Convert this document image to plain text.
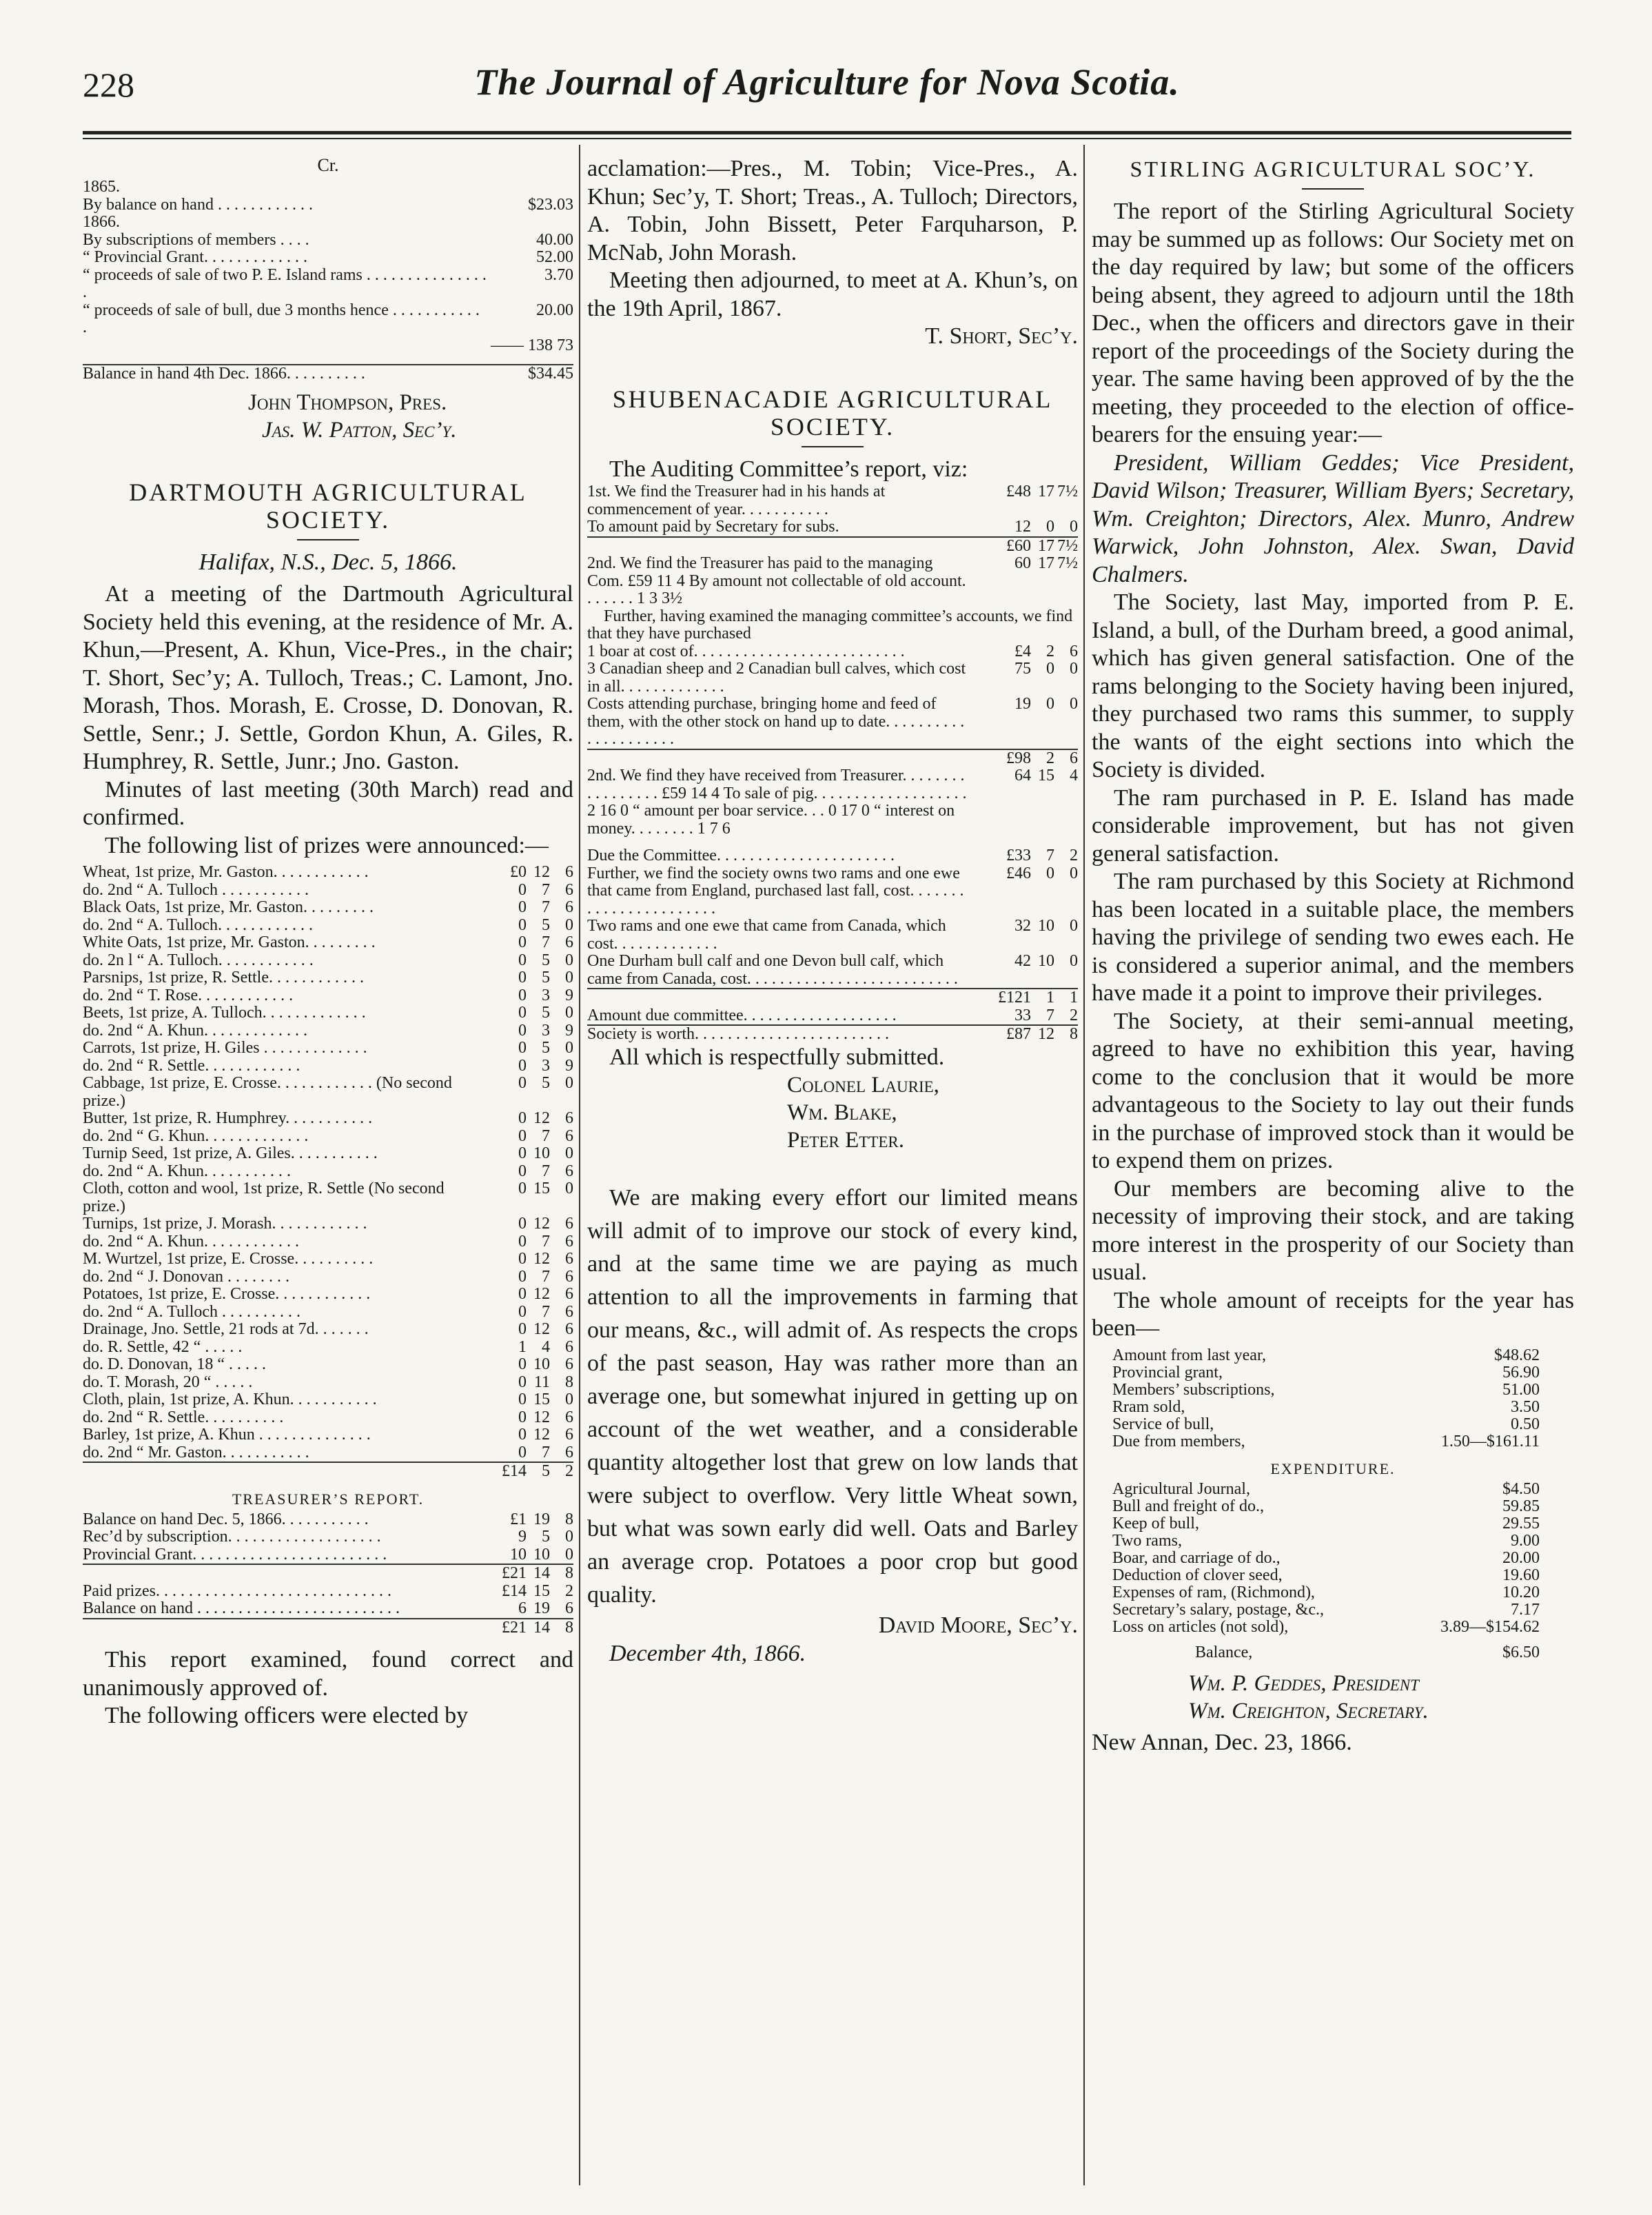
228	The Journal of Agriculture for Nova Scotia.
Cr.
1865.	
By balance on hand . . . . . . . . . . . .	$23.03
1866.	
By subscriptions of members . . . .	40.00
“ Provincial Grant. . . . . . . . . . . . .	52.00
“ proceeds of sale of two P. E. Island rams . . . . . . . . . . . . . . . .	3.70
“ proceeds of sale of bull, due 3 months hence . . . . . . . . . . . .	20.00
	—— 138 73
Balance in hand 4th Dec. 1866. . . . . . . . . .	$34.45
John Thompson, Pres.
Jas. W. Patton, Sec’y.
DARTMOUTH AGRICULTURAL SOCIETY.

Halifax, N.S., Dec. 5, 1866.

At a meeting of the Dartmouth Agricultural Society held this evening, at the residence of Mr. A. Khun,—Present, A. Khun, Vice-Pres., in the chair; T. Short, Sec’y; A. Tulloch, Treas.; C. Lamont, Jno. Morash, Thos. Morash, E. Crosse, D. Donovan, R. Settle, Senr.; J. Settle, Gordon Khun, A. Giles, R. Humphrey, R. Settle, Junr.; Jno. Gaston.

Minutes of last meeting (30th March) read and confirmed.

The following list of prizes were announced:—

Wheat, 1st prize, Mr. Gaston. . . . . . . . . . . .	£0	12	6
do. 2nd “ A. Tulloch . . . . . . . . . . .	0	7	6
Black Oats, 1st prize, Mr. Gaston. . . . . . . . .	0	7	6
do. 2nd “ A. Tulloch. . . . . . . . . . . .	0	5	0
White Oats, 1st prize, Mr. Gaston. . . . . . . . .	0	7	6
do. 2n l “ A. Tulloch. . . . . . . . . . . .	0	5	0
Parsnips, 1st prize, R. Settle. . . . . . . . . . . .	0	5	0
do. 2nd “ T. Rose. . . . . . . . . . . .	0	3	9
Beets, 1st prize, A. Tulloch. . . . . . . . . . . . .	0	5	0
do. 2nd “ A. Khun. . . . . . . . . . . . .	0	3	9
Carrots, 1st prize, H. Giles . . . . . . . . . . . . .	0	5	0
do. 2nd “ R. Settle. . . . . . . . . . . .	0	3	9
Cabbage, 1st prize, E. Crosse. . . . . . . . . . . . (No second prize.)	0	5	0
Butter, 1st prize, R. Humphrey. . . . . . . . . . .	0	12	6
do. 2nd “ G. Khun. . . . . . . . . . . . .	0	7	6
Turnip Seed, 1st prize, A. Giles. . . . . . . . . . .	0	10	0
do. 2nd “ A. Khun. . . . . . . . . . .	0	7	6
Cloth, cotton and wool, 1st prize, R. Settle (No second prize.)	0	15	0
Turnips, 1st prize, J. Morash. . . . . . . . . . . .	0	12	6
do. 2nd “ A. Khun. . . . . . . . . . . .	0	7	6
M. Wurtzel, 1st prize, E. Crosse. . . . . . . . . .	0	12	6
do. 2nd “ J. Donovan . . . . . . . .	0	7	6
Potatoes, 1st prize, E. Crosse. . . . . . . . . . . .	0	12	6
do. 2nd “ A. Tulloch . . . . . . . . . .	0	7	6
Drainage, Jno. Settle, 21 rods at 7d. . . . . . .	0	12	6
do. R. Settle, 42 “ . . . . .	1	4	6
do. D. Donovan, 18 “ . . . . .	0	10	6
do. T. Morash, 20 “ . . . . .	0	11	8
Cloth, plain, 1st prize, A. Khun. . . . . . . . . . .	0	15	0
do. 2nd “ R. Settle. . . . . . . . . .	0	12	6
Barley, 1st prize, A. Khun . . . . . . . . . . . . . .	0	12	6
do. 2nd “ Mr. Gaston. . . . . . . . . . .	0	7	6
	£14	5	2
TREASURER’S REPORT.
Balance on hand Dec. 5, 1866. . . . . . . . . . .	£1	19	8
Rec’d by subscription. . . . . . . . . . . . . . . . . . .	9	5	0
Provincial Grant. . . . . . . . . . . . . . . . . . . . . . . .	10	10	0
	£21	14	8
Paid prizes. . . . . . . . . . . . . . . . . . . . . . . . . . . . .	£14	15	2
Balance on hand . . . . . . . . . . . . . . . . . . . . . . . . .	6	19	6
	£21	14	8

This report examined, found correct and unanimously approved of.

The following officers were elected by

acclamation:—Pres., M. Tobin; Vice-Pres., A. Khun; Sec’y, T. Short; Treas., A. Tulloch; Directors, A. Tobin, John Bissett, Peter Farquharson, P. McNab, John Morash.

Meeting then adjourned, to meet at A. Khun’s, on the 19th April, 1867.

T. Short, Sec’y.

SHUBENACADIE AGRICULTURAL SOCIETY.

The Auditing Committee’s report, viz:

1st. We find the Treasurer had in his hands at commencement of year. . . . . . . . . . .	£48	17	7½
To amount paid by Secretary for subs.	12	0	0
	£60	17	7½
2nd. We find the Treasurer has paid to the managing Com. £59 11 4 By amount not collectable of old account. . . . . . . 1 3 3½	60	17	7½
Further, having examined the managing committee’s accounts, we find that they have purchased
1 boar at cost of. . . . . . . . . . . . . . . . . . . . . . . . . .	£4	2	6
3 Canadian sheep and 2 Canadian bull calves, which cost in all. . . . . . . . . . . . .	75	0	0
Costs attending purchase, bringing home and feed of them, with the other stock on hand up to date. . . . . . . . . . . . . . . . . . . . .	19	0	0
	£98	2	6
2nd. We find they have received from Treasurer. . . . . . . . . . . . . . . . . £59 14 4 To sale of pig. . . . . . . . . . . . . . . . . . . 2 16 0 “ amount per boar service. . . 0 17 0 “ interest on money. . . . . . . . 1 7 6	64	15	4
Due the Committee. . . . . . . . . . . . . . . . . . . . . .	£33	7	2
Further, we find the society owns two rams and one ewe that came from England, purchased last fall, cost. . . . . . . . . . . . . . . . . . . . . . .	£46	0	0
Two rams and one ewe that came from Canada, which cost. . . . . . . . . . . . .	32	10	0
One Durham bull calf and one Devon bull calf, which came from Canada, cost. . . . . . . . . . . . . . . . . . . . . . . . . .	42	10	0
	£121	1	1
Amount due committee. . . . . . . . . . . . . . . . . . .	33	7	2
Society is worth. . . . . . . . . . . . . . . . . . . . . . . .	£87	12	8

All which is respectfully submitted.

Colonel Laurie,
Wm. Blake,
Peter Etter.

We are making every effort our limited means will admit of to improve our stock of every kind, and at the same time we are paying as much attention to all the improvements in farming that our means, &c., will admit of. As respects the crops of the past season, Hay was rather more than an average one, but somewhat injured in getting up on account of the wet weather, and a considerable quantity altogether lost that grew on low lands that were subject to overflow. Very little Wheat sown, but what was sown early did well. Oats and Barley an average crop. Potatoes a poor crop but good quality.

David Moore, Sec’y.

December 4th, 1866.

STIRLING AGRICULTURAL SOC’Y.

The report of the Stirling Agricultural Society may be summed up as follows: Our Society met on the day required by law; but some of the officers being absent, they agreed to adjourn until the 18th Dec., when the officers and directors gave in their report of the proceedings of the Society during the year. The same having been approved of by the the meeting, they proceeded to the election of office-bearers for the ensuing year:—

President, William Geddes; Vice President, David Wilson; Treasurer, William Byers; Secretary, Wm. Creighton; Directors, Alex. Munro, Andrew Warwick, John Johnston, Alex. Swan, David Chalmers.

The Society, last May, imported from P. E. Island, a bull, of the Durham breed, a good animal, which has given general satisfaction. One of the rams belonging to the Society having been injured, they purchased two rams this summer, to supply the wants of the eight sections into which the Society is divided.

The ram purchased in P. E. Island has made considerable improvement, but has not given general satisfaction.

The ram purchased by this Society at Richmond has been located in a suitable place, the members having the privilege of sending two ewes each. He is considered a superior animal, and the members have made it a point to improve their privileges.

The Society, at their semi-annual meeting, agreed to have no exhibition this year, having come to the conclusion that it would be more advantageous to the Society to lay out their funds in the purchase of improved stock than it would be to expend them on prizes.

Our members are becoming alive to the necessity of improving their stock, and are taking more interest in the prosperity of our Society than usual.

The whole amount of receipts for the year has been—

Amount from last year,	$48.62
Provincial grant,	56.90
Members’ subscriptions,	51.00
Rram sold,	3.50
Service of bull,	0.50
Due from members,	1.50—$161.11
EXPENDITURE.
Agricultural Journal,	$4.50
Bull and freight of do.,	59.85
Keep of bull,	29.55
Two rams,	9.00
Boar, and carriage of do.,	20.00
Deduction of clover seed,	19.60
Expenses of ram, (Richmond),	10.20
Secretary’s salary, postage, &c.,	7.17
Loss on articles (not sold),	3.89—$154.62
Balance,	$6.50
Wm. P. Geddes, President
Wm. Creighton, Secretary.

New Annan, Dec. 23, 1866.
